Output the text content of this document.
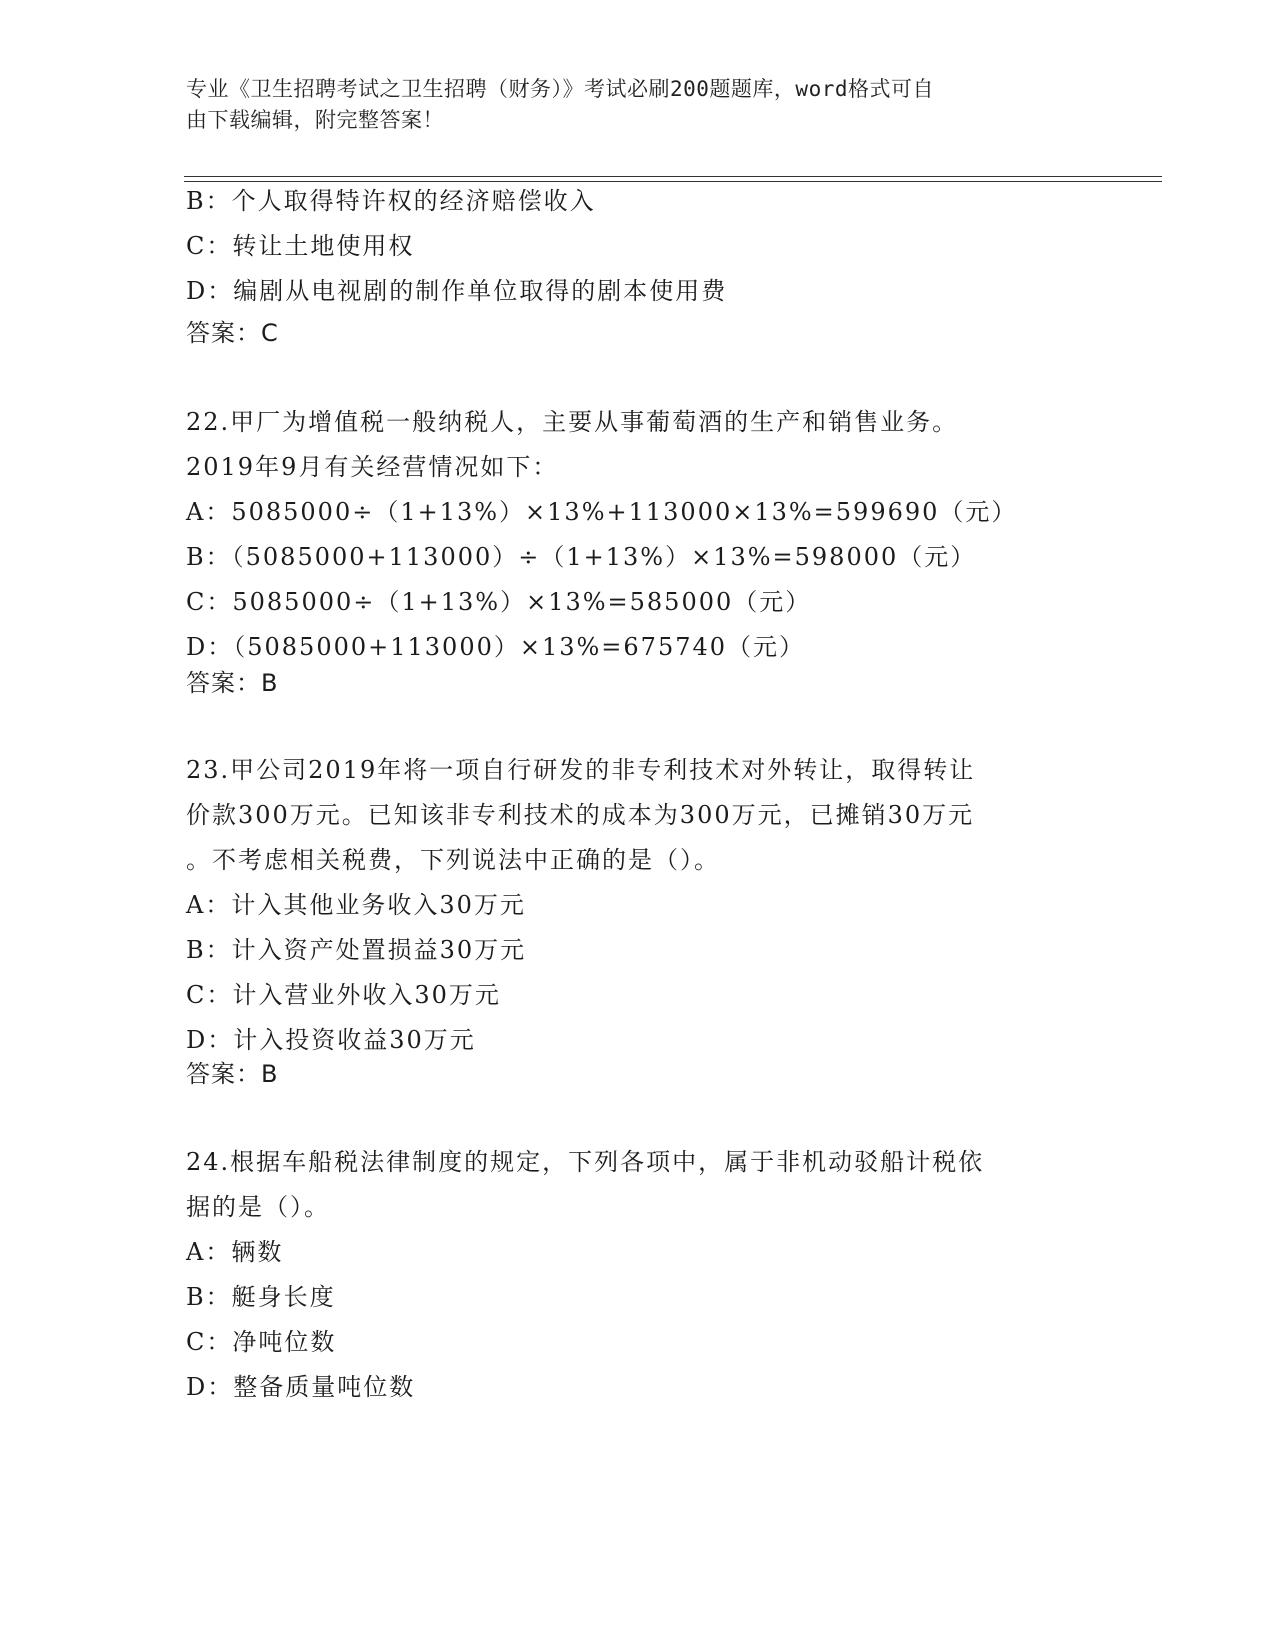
专业《卫生招聘考试之卫生招聘（财务）》考试必刷200题题库，word格式可自
由下载编辑，附完整答案！
B：个人取得特许权的经济赔偿收入
C：转让土地使用权
D：编剧从电视剧的制作单位取得的剧本使用费
答案：C
22.甲厂为增值税一般纳税人，主要从事葡萄酒的生产和销售业务。
2019年9月有关经营情况如下：
A：5085000÷（1+13%）×13%+113000×13%=599690（元）
B：（5085000+113000）÷（1+13%）×13%=598000（元）
C：5085000÷（1+13%）×13%=585000（元）
D：（5085000+113000）×13%=675740（元）
答案：B
23.甲公司2019年将一项自行研发的非专利技术对外转让，取得转让
价款300万元。已知该非专利技术的成本为300万元，已摊销30万元
。不考虑相关税费，下列说法中正确的是（）。
A：计入其他业务收入30万元
B：计入资产处置损益30万元
C：计入营业外收入30万元
D：计入投资收益30万元
答案：B
24.根据车船税法律制度的规定，下列各项中，属于非机动驳船计税依
据的是（）。
A：辆数
B：艇身长度
C：净吨位数
D：整备质量吨位数
